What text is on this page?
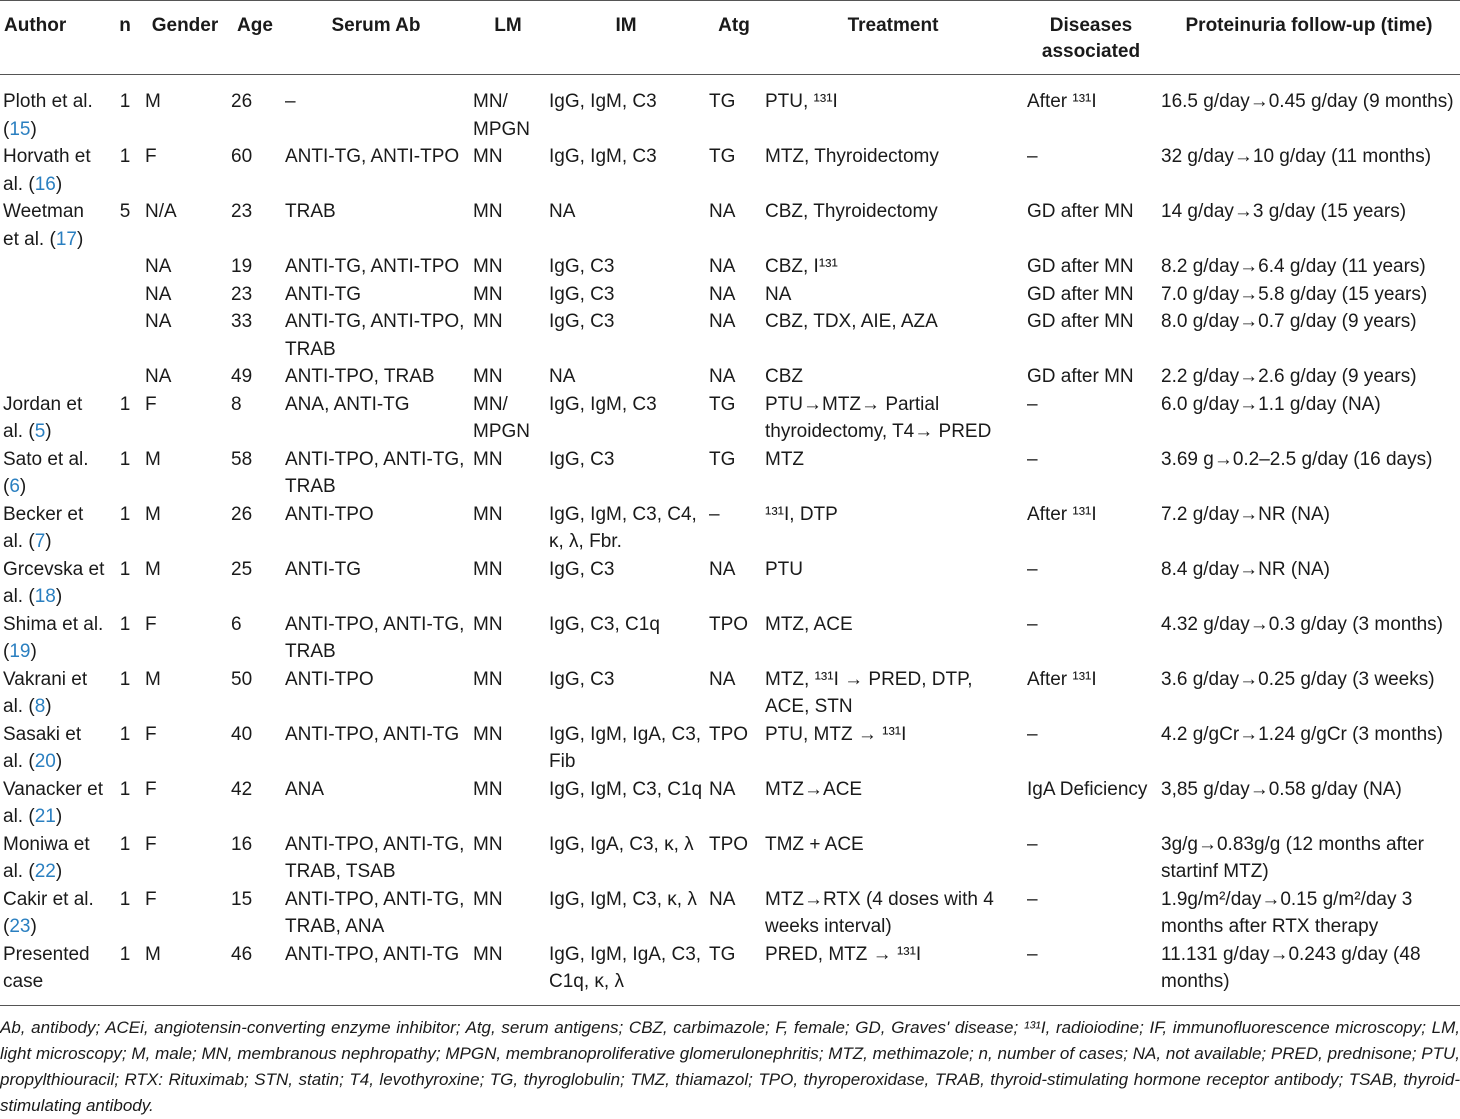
Author	n	Gender	Age	Serum Ab	LM	IM	Atg	Treatment	Diseases associated	Proteinuria follow-up (time)
Ploth et al. (15)	1	M	26	–	MN/ MPGN	IgG, IgM, C3	TG	PTU, ¹³¹I	After ¹³¹I	16.5 g/day→0.45 g/day (9 months)
Horvath et al. (16)	1	F	60	ANTI-TG, ANTI-TPO	MN	IgG, IgM, C3	TG	MTZ, Thyroidectomy	–	32 g/day→10 g/day (11 months)
Weetman et al. (17)	5	N/A	23	TRAB	MN	NA	NA	CBZ, Thyroidectomy	GD after MN	14 g/day→3 g/day (15 years)
		NA	19	ANTI-TG, ANTI-TPO	MN	IgG, C3	NA	CBZ, I¹³¹	GD after MN	8.2 g/day→6.4 g/day (11 years)
		NA	23	ANTI-TG	MN	IgG, C3	NA	NA	GD after MN	7.0 g/day→5.8 g/day (15 years)
		NA	33	ANTI-TG, ANTI-TPO, TRAB	MN	IgG, C3	NA	CBZ, TDX, AIE, AZA	GD after MN	8.0 g/day→0.7 g/day (9 years)
		NA	49	ANTI-TPO, TRAB	MN	NA	NA	CBZ	GD after MN	2.2 g/day→2.6 g/day (9 years)
Jordan et al. (5)	1	F	8	ANA, ANTI-TG	MN/ MPGN	IgG, IgM, C3	TG	PTU→MTZ→ Partial thyroidectomy, T4→ PRED	–	6.0 g/day→1.1 g/day (NA)
Sato et al. (6)	1	M	58	ANTI-TPO, ANTI-TG, TRAB	MN	IgG, C3	TG	MTZ	–	3.69 g→0.2–2.5 g/day (16 days)
Becker et al. (7)	1	M	26	ANTI-TPO	MN	IgG, IgM, C3, C4, κ, λ, Fbr.	–	¹³¹I, DTP	After ¹³¹I	7.2 g/day→NR (NA)
Grcevska et al. (18)	1	M	25	ANTI-TG	MN	IgG, C3	NA	PTU	–	8.4 g/day→NR (NA)
Shima et al. (19)	1	F	6	ANTI-TPO, ANTI-TG, TRAB	MN	IgG, C3, C1q	TPO	MTZ, ACE	–	4.32 g/day→0.3 g/day (3 months)
Vakrani et al. (8)	1	M	50	ANTI-TPO	MN	IgG, C3	NA	MTZ, ¹³¹I → PRED, DTP, ACE, STN	After ¹³¹I	3.6 g/day→0.25 g/day (3 weeks)
Sasaki et al. (20)	1	F	40	ANTI-TPO, ANTI-TG	MN	IgG, IgM, IgA, C3, Fib	TPO	PTU, MTZ → ¹³¹I	–	4.2 g/gCr→1.24 g/gCr (3 months)
Vanacker et al. (21)	1	F	42	ANA	MN	IgG, IgM, C3, C1q	NA	MTZ→ACE	IgA Deficiency	3,85 g/day→0.58 g/day (NA)
Moniwa et al. (22)	1	F	16	ANTI-TPO, ANTI-TG, TRAB, TSAB	MN	IgG, IgA, C3, κ, λ	TPO	TMZ + ACE	–	3g/g→0.83g/g (12 months after startinf MTZ)
Cakir et al. (23)	1	F	15	ANTI-TPO, ANTI-TG, TRAB, ANA	MN	IgG, IgM, C3, κ, λ	NA	MTZ→RTX (4 doses with 4 weeks interval)	–	1.9g/m²/day→0.15 g/m²/day 3 months after RTX therapy
Presented case	1	M	46	ANTI-TPO, ANTI-TG	MN	IgG, IgM, IgA, C3, C1q, κ, λ	TG	PRED, MTZ → ¹³¹I	–	11.131 g/day→0.243 g/day (48 months)
Ab, antibody; ACEi, angiotensin-converting enzyme inhibitor; Atg, serum antigens; CBZ, carbimazole; F, female; GD, Graves' disease; ¹³¹I, radioiodine; IF, immunofluorescence microscopy; LM, light microscopy; M, male; MN, membranous nephropathy; MPGN, membranoproliferative glomerulonephritis; MTZ, methimazole; n, number of cases; NA, not available; PRED, prednisone; PTU, propylthiouracil; RTX: Rituximab; STN, statin; T4, levothyroxine; TG, thyroglobulin; TMZ, thiamazol; TPO, thyroperoxidase, TRAB, thyroid-stimulating hormone receptor antibody; TSAB, thyroid-stimulating antibody.
